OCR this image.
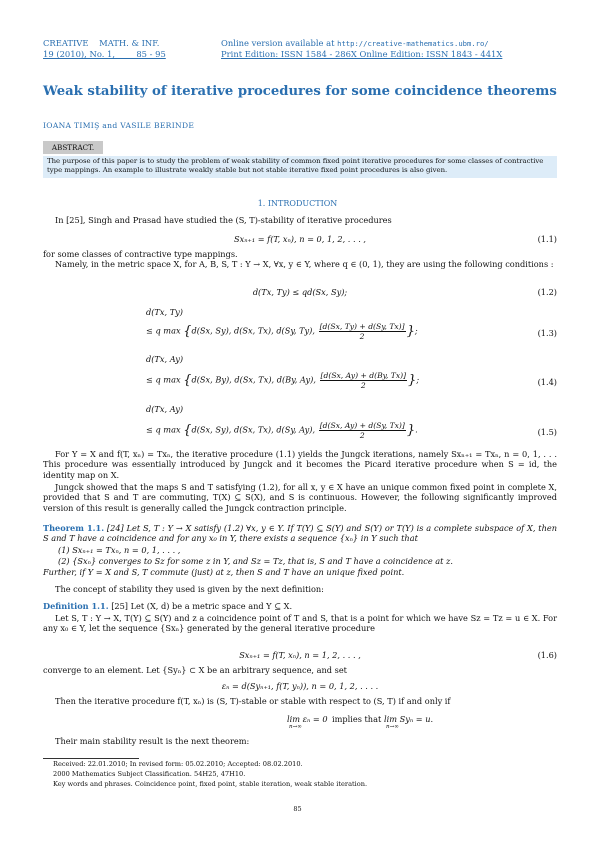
CREATIVE    MATH. & INF.
19 (2010), No. 1,        85 - 95
Online version available at http://creative-mathematics.ubm.ro/
Print Edition: ISSN 1584 - 286X Online Edition: ISSN 1843 - 441X
Weak stability of iterative procedures for some coincidence theorems
IOANA TIMIŞ and VASILE BERINDE
ABSTRACT.
The purpose of this paper is to study the problem of weak stability of common fixed point iterative procedures for some classes of contractive type mappings. An example to illustrate weakly stable but not stable iterative fixed point procedures is also given.
1. INTRODUCTION
In [25], Singh and Prasad have studied the (S, T)-stability of iterative procedures
Sxₙ₊₁ = f(T, xₙ), n = 0, 1, 2, . . . ,	(1.1)
for some classes of contractive type mappings.
Namely, in the metric space X, for A, B, S, T : Y → X, ∀x, y ∈ Y, where q ∈ (0, 1), they are using the following conditions :
d(Tx, Ty) ≤ qd(Sx, Sy);	(1.2)
d(Tx, Ty)
≤ q max {d(Sx, Sy), d(Sx, Tx), d(Sy, Ty), $\frac{[d(Sx, Ty) + d(Sy, Tx)]}{2}$ };	(1.3)
d(Tx, Ay)
≤ q max {d(Sx, By), d(Sx, Tx), d(By, Ay), $\frac{[d(Sx, Ay) + d(By, Tx)]}{2}$ };	(1.4)
d(Tx, Ay)
≤ q max {d(Sx, Sy), d(Sx, Tx), d(Sy, Ay), $\frac{[d(Sx, Ay) + d(Sy, Tx)]}{2}$ }.	(1.5)
For Y = X and f(T, xₙ) = Txₙ, the iterative procedure (1.1) yields the Jungck iterations, namely Sxₙ₊₁ = Txₙ, n = 0, 1, . . . This procedure was essentially introduced by Jungck and it becomes the Picard iterative procedure when S = id, the identity map on X.
Jungck showed that the maps S and T satisfying (1.2), for all x, y ∈ X have an unique common fixed point in complete X, provided that S and T are commuting, T(X) ⊆ S(X), and S is continuous. However, the following significantly improved version of this result is generally called the Jungck contraction principle.
Theorem 1.1. [24] Let S, T : Y → X satisfy (1.2) ∀x, y ∈ Y. If T(Y) ⊆ S(Y) and S(Y) or T(Y) is a complete subspace of X, then S and T have a coincidence and for any x₀ in Y, there exists a sequence {xₙ} in Y such that
(1) Sxₙ₊₁ = Txₙ, n = 0, 1, . . . ,
(2) {Sxₙ} converges to Sz for some z in Y, and Sz = Tz, that is, S and T have a coincidence at z.
Further, if Y = X and S, T commute (just) at z, then S and T have an unique fixed point.
The concept of stability they used is given by the next definition:
Definition 1.1. [25] Let (X, d) be a metric space and Y ⊆ X.
Let S, T : Y → X, T(Y) ⊆ S(Y) and z a coincidence point of T and S, that is a point for which we have Sz = Tz = u ∈ X. For any x₀ ∈ Y, let the sequence {Sxₙ} generated by the general iterative procedure
Sxₙ₊₁ = f(T, xₙ), n = 1, 2, . . . ,	(1.6)
converge to an element. Let {Syₙ} ⊂ X be an arbitrary sequence, and set
εₙ = d(Syₙ₊₁, f(T, yₙ)), n = 0, 1, 2, . . . .
Then the iterative procedure f(T, xₙ) is (S, T)-stable or stable with respect to (S, T) if and only if
lim εₙ = 0
n→∞
implies that lim Syₙ = u.
n→∞
Their main stability result is the next theorem:
Received: 22.01.2010; In revised form: 05.02.2010; Accepted: 08.02.2010.
2000 Mathematics Subject Classification. 54H25, 47H10.
Key words and phrases. Coincidence point, fixed point, stable iteration, weak stable iteration.
85
